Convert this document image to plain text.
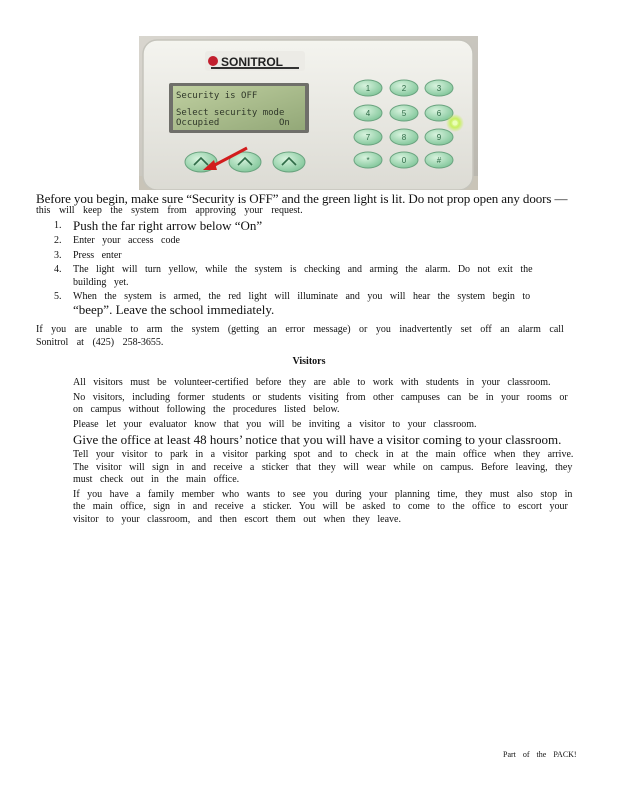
SONITROL
Security is OFF
Select security mode
Occupied	On
1	2	3
4	5	6
7	8	9
*	0	#
Before you begin, make sure “Security is OFF” and the green light is lit. Do not prop open any doors —
this will keep the system from approving your request.
1. Push the far right arrow below “On”
2. Enter your access code
3. Press enter
4. The light will turn yellow, while the system is checking and arming the alarm. Do not exit the building yet.
5. When the system is armed, the red light will illuminate and you will hear the system begin to
“beep”. Leave the school immediately.
If you are unable to arm the system (getting an error message) or you inadvertently set off an alarm call Sonitrol at (425) 258-3655.
Visitors
All visitors must be volunteer-certified before they are able to work with students in your classroom.
No visitors, including former students or students visiting from other campuses can be in your rooms or on campus without following the procedures listed below.
Please let your evaluator know that you will be inviting a visitor to your classroom.
Give the office at least 48 hours’ notice that you will have a visitor coming to your classroom.
Tell your visitor to park in a visitor parking spot and to check in at the main office when they arrive. The visitor will sign in and receive a sticker that they will wear while on campus. Before leaving, they must check out in the main office.
If you have a family member who wants to see you during your planning time, they must also stop in the main office, sign in and receive a sticker. You will be asked to come to the office to escort your visitor to your classroom, and then escort them out when they leave.
Part of the PACK!
